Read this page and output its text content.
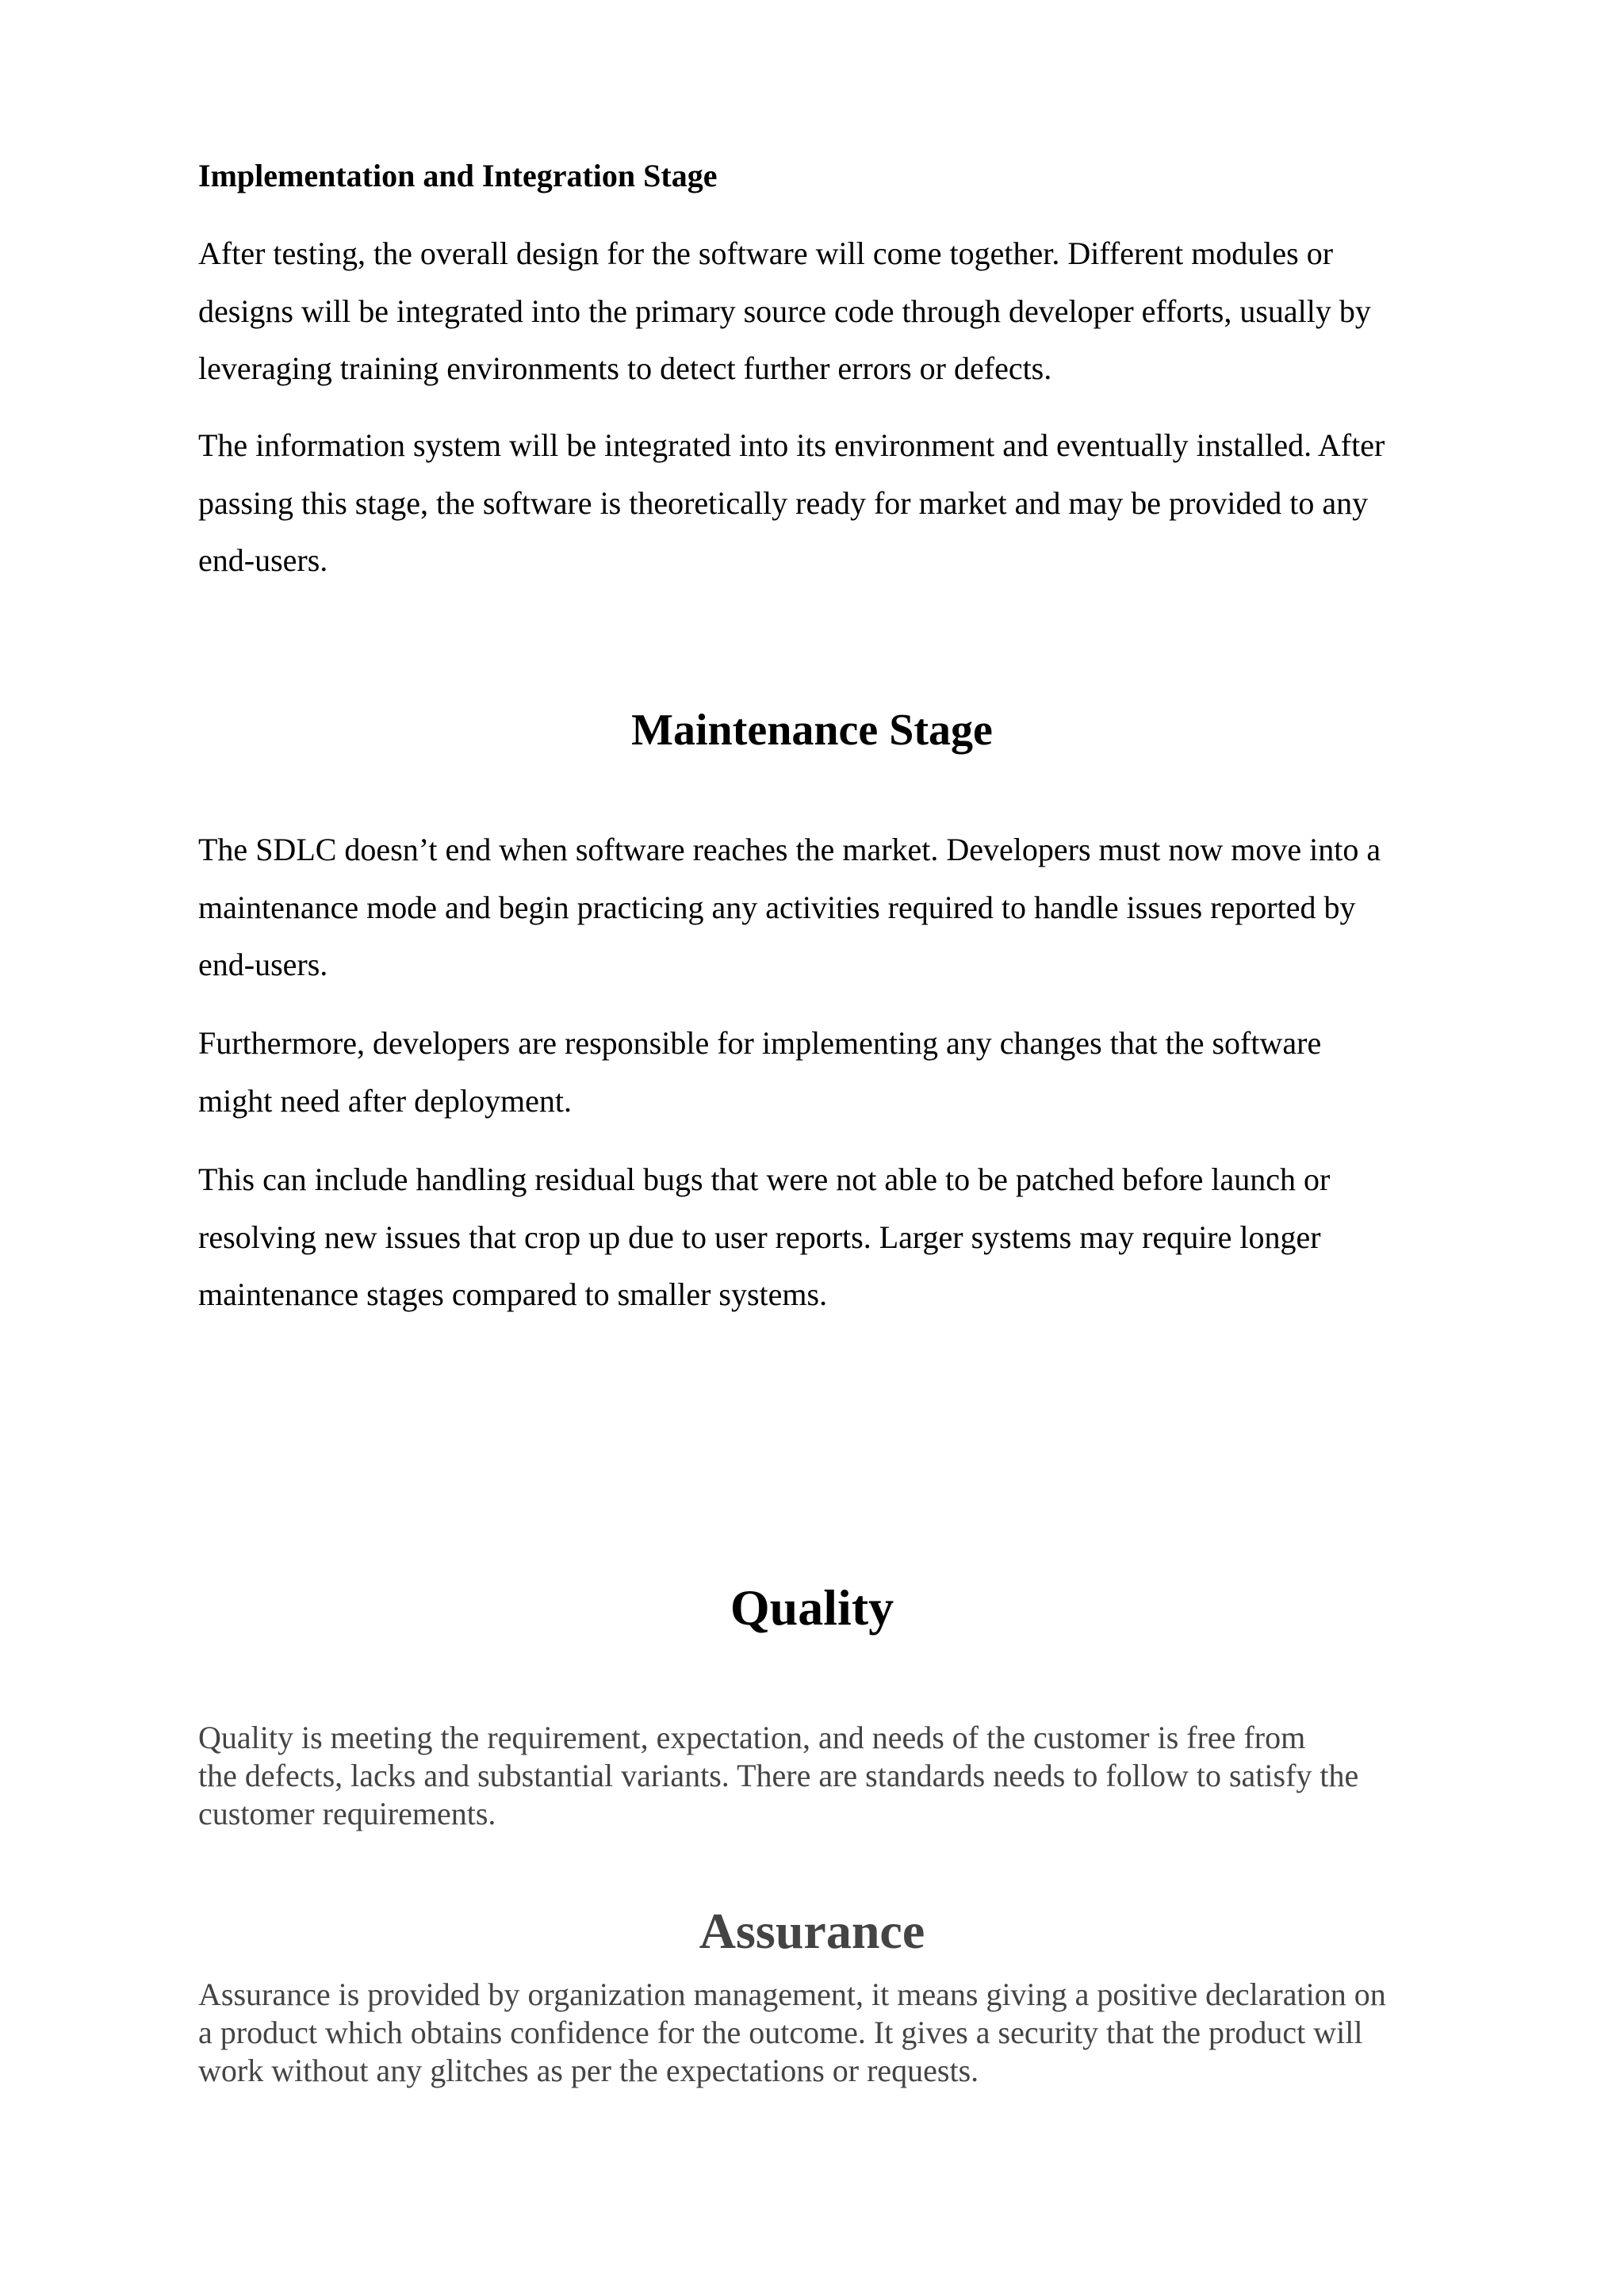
Implementation and Integration Stage

After testing, the overall design for the software will come together. Different modules or
designs will be integrated into the primary source code through developer efforts, usually by
leveraging training environments to detect further errors or defects.

The information system will be integrated into its environment and eventually installed. After
passing this stage, the software is theoretically ready for market and may be provided to any
end-users.

Maintenance Stage

The SDLC doesn’t end when software reaches the market. Developers must now move into a
maintenance mode and begin practicing any activities required to handle issues reported by
end-users.

Furthermore, developers are responsible for implementing any changes that the software
might need after deployment.

This can include handling residual bugs that were not able to be patched before launch or
resolving new issues that crop up due to user reports. Larger systems may require longer
maintenance stages compared to smaller systems.

Quality

Quality is meeting the requirement, expectation, and needs of the customer is free from
the defects, lacks and substantial variants. There are standards needs to follow to satisfy the
customer requirements.

Assurance

Assurance is provided by organization management, it means giving a positive declaration on
a product which obtains confidence for the outcome. It gives a security that the product will
work without any glitches as per the expectations or requests.
